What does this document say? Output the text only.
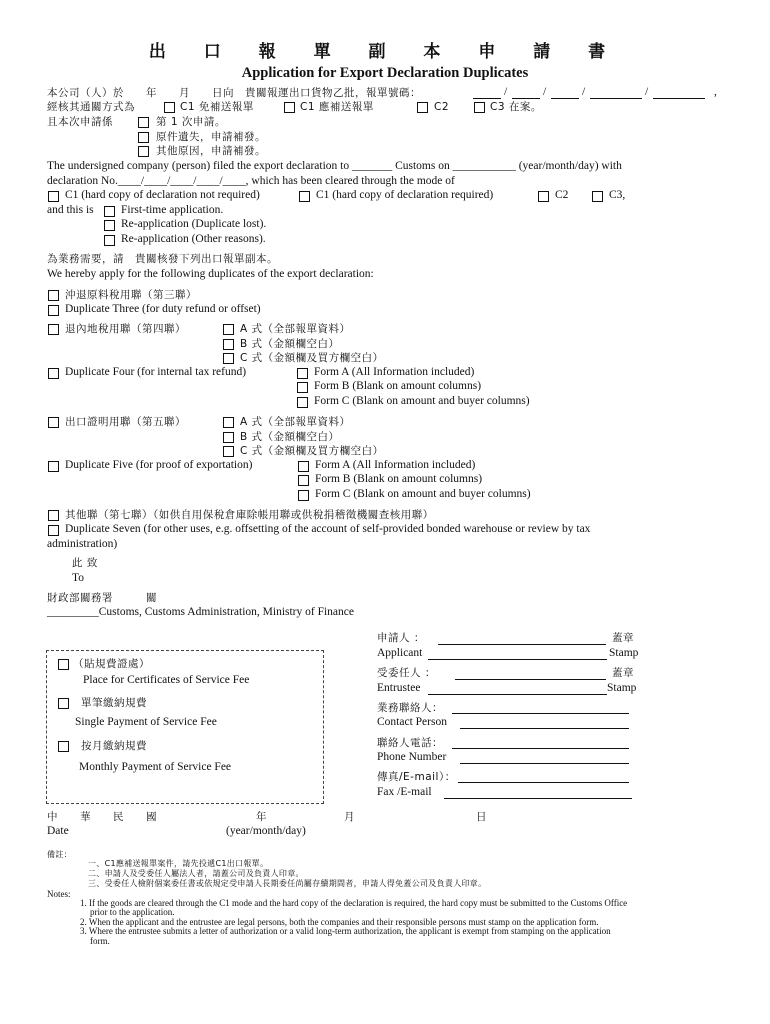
出 口 報 單 副 本 申 請 書
Application for Export Declaration Duplicates
本公司（人）於　　年　　月　　日向　貴關報運出口貨物乙批，報單號碼：	/	/	/	/	,
經核其通關方式為	C1 免補送報單	C1 應補送報單	C2	C3 在案。
且本次申請係	第 1 次申請。
原件遺失，申請補發。
其他原因，申請補發。
The undersigned company (person) filed the export declaration to _______ Customs on ___________ (year/month/day) with
declaration No.____/____/____/____/____, which has been cleared through the mode of
C1 (hard copy of declaration not required)	C1 (hard copy of declaration required)	C2	C3,
and this is First-time application.
Re-application (Duplicate lost).
Re-application (Other reasons).
為業務需要，請　貴關核發下列出口報單副本。
We hereby apply for the following duplicates of the export declaration:
沖退原料稅用聯（第三聯）
Duplicate Three (for duty refund or offset)
退內地稅用聯（第四聯）	A 式（全部報單資料）
B 式（金額欄空白）
C 式（金額欄及買方欄空白）
Duplicate Four (for internal tax refund)	Form A (All Information included)
Form B (Blank on amount columns)
Form C (Blank on amount and buyer columns)
出口證明用聯（第五聯）	A 式（全部報單資料）
B 式（金額欄空白）
C 式（金額欄及買方欄空白）
Duplicate Five (for proof of exportation)	Form A (All Information included)
Form B (Blank on amount columns)
Form C (Blank on amount and buyer columns)
其他聯（第七聯）（如供自用保稅倉庫除帳用聯或供稅捐稽徵機關查核用聯）
Duplicate Seven (for other uses, e.g. offsetting of the account of self-provided bonded warehouse or review by tax
administration)
此 致
To
財政部關務署　　　關
_________Customs, Customs Administration, Ministry of Finance
（貼規費證處）
Place for Certificates of Service Fee
單筆繳納規費
Single Payment of Service Fee
按月繳納規費
Monthly Payment of Service Fee
申請人 ：	蓋章
Applicant	Stamp
受委任人 ：	蓋章
Entrustee	Stamp
業務聯絡人：
Contact Person
聯絡人電話：
Phone Number
傳真/E-mail）：
Fax /E-mail
中　　華　　民　　國　　　　　　　　　年　　　　　　　月　　　　　　　　　　　日
Date	(year/month/day)
備註：
一、C1應補送報單案件，請先投遞C1出口報單。
二、申請人及受委任人屬法人者，請蓋公司及負責人印章。
三、受委任人檢附個案委任書或依規定受申請人長期委任尚屬存續期間者，申請人得免蓋公司及負責人印章。
Notes:
1. If the goods are cleared through the C1 mode and the hard copy of the declaration is required, the hard copy must be submitted to the Customs Office
prior to the application.
2. When the applicant and the entrustee are legal persons, both the companies and their responsible persons must stamp on the application form.
3. Where the entrustee submits a letter of authorization or a valid long-term authorization, the applicant is exempt from stamping on the application
form.
